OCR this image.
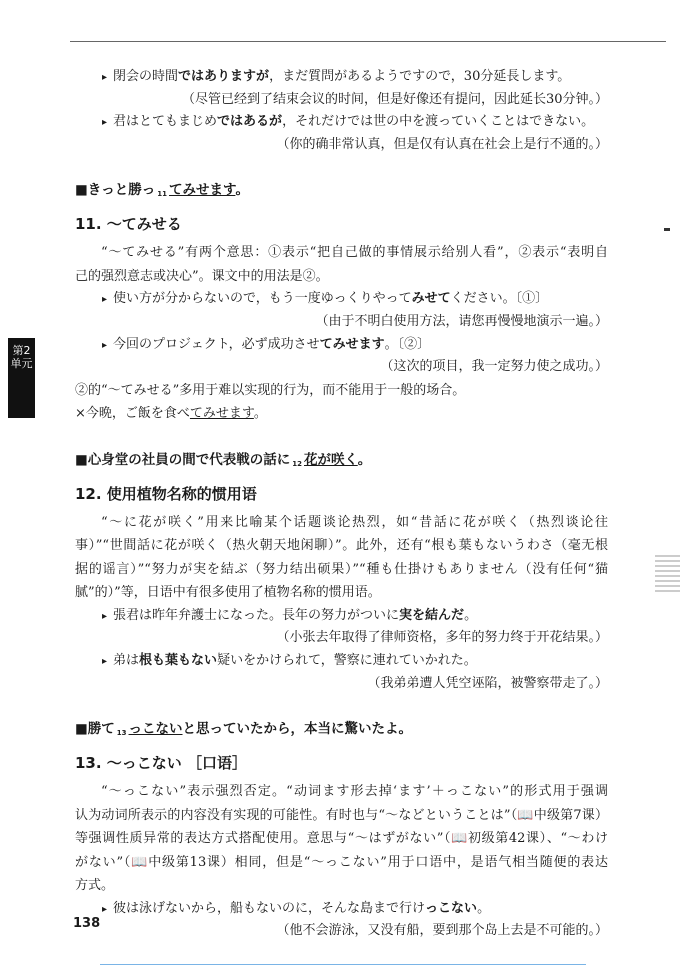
▸ 閉会の時間ではありますが，まだ質問があるようですので，30分延長します。
（尽管已经到了结束会议的时间，但是好像还有提问，因此延长30分钟。）
▸ 君はとてもまじめではあるが，それだけでは世の中を渡っていくことはできない。
（你的确非常认真，但是仅有认真在社会上是行不通的。）
■きっと勝っ $_{11}$ てみせます。
11. ～てみせる
“～てみせる”有两个意思：①表示“把自己做的事情展示给别人看”，②表示“表明自
己的强烈意志或决心”。课文中的用法是②。
▸ 使い方が分からないので，もう一度ゆっくりやってみせてください。〔①〕
（由于不明白使用方法，请您再慢慢地演示一遍。）
▸ 今回のプロジェクト，必ず成功させてみせます。〔②〕
（这次的项目，我一定努力使之成功。）
②的“～てみせる”多用于难以实现的行为，而不能用于一般的场合。
×今晩，ご飯を食べてみせます。
■心身堂の社員の間で代表戦の話に $_{12}$ 花が咲く。
12. 使用植物名称的惯用语
“～に花が咲く”用来比喻某个话题谈论热烈，如“昔話に花が咲く（热烈谈论往
事）”“世間話に花が咲く（热火朝天地闲聊）”。此外，还有“根も葉もないうわさ（毫无根
据的谣言）”“努力が実を結ぶ（努力结出硕果）”“種も仕掛けもありません（没有任何“猫
腻”的）”等，日语中有很多使用了植物名称的惯用语。
▸ 張君は昨年弁護士になった。長年の努力がついに実を結んだ。
（小张去年取得了律师资格，多年的努力终于开花结果。）
▸ 弟は根も葉もない疑いをかけられて，警察に連れていかれた。
（我弟弟遭人凭空诬陷，被警察带走了。）
■勝て $_{13}$ っこないと思っていたから，本当に驚いたよ。
13. ～っこない ［口语］
“～っこない”表示强烈否定。“动词ます形去掉‘ます’＋っこない”的形式用于强调
认为动词所表示的内容没有实现的可能性。有时也与“～などということは”（📖中级第7课）
等强调性质异常的表达方式搭配使用。意思与“～はずがない”（📖初级第42课）、“～わけ
がない”（📖中级第13课）相同，但是“～っこない”用于口语中，是语气相当随便的表达
方式。
▸ 彼は泳げないから，船もないのに，そんな島まで行けっこない。
（他不会游泳，又没有船，要到那个岛上去是不可能的。）
第2单元
138
